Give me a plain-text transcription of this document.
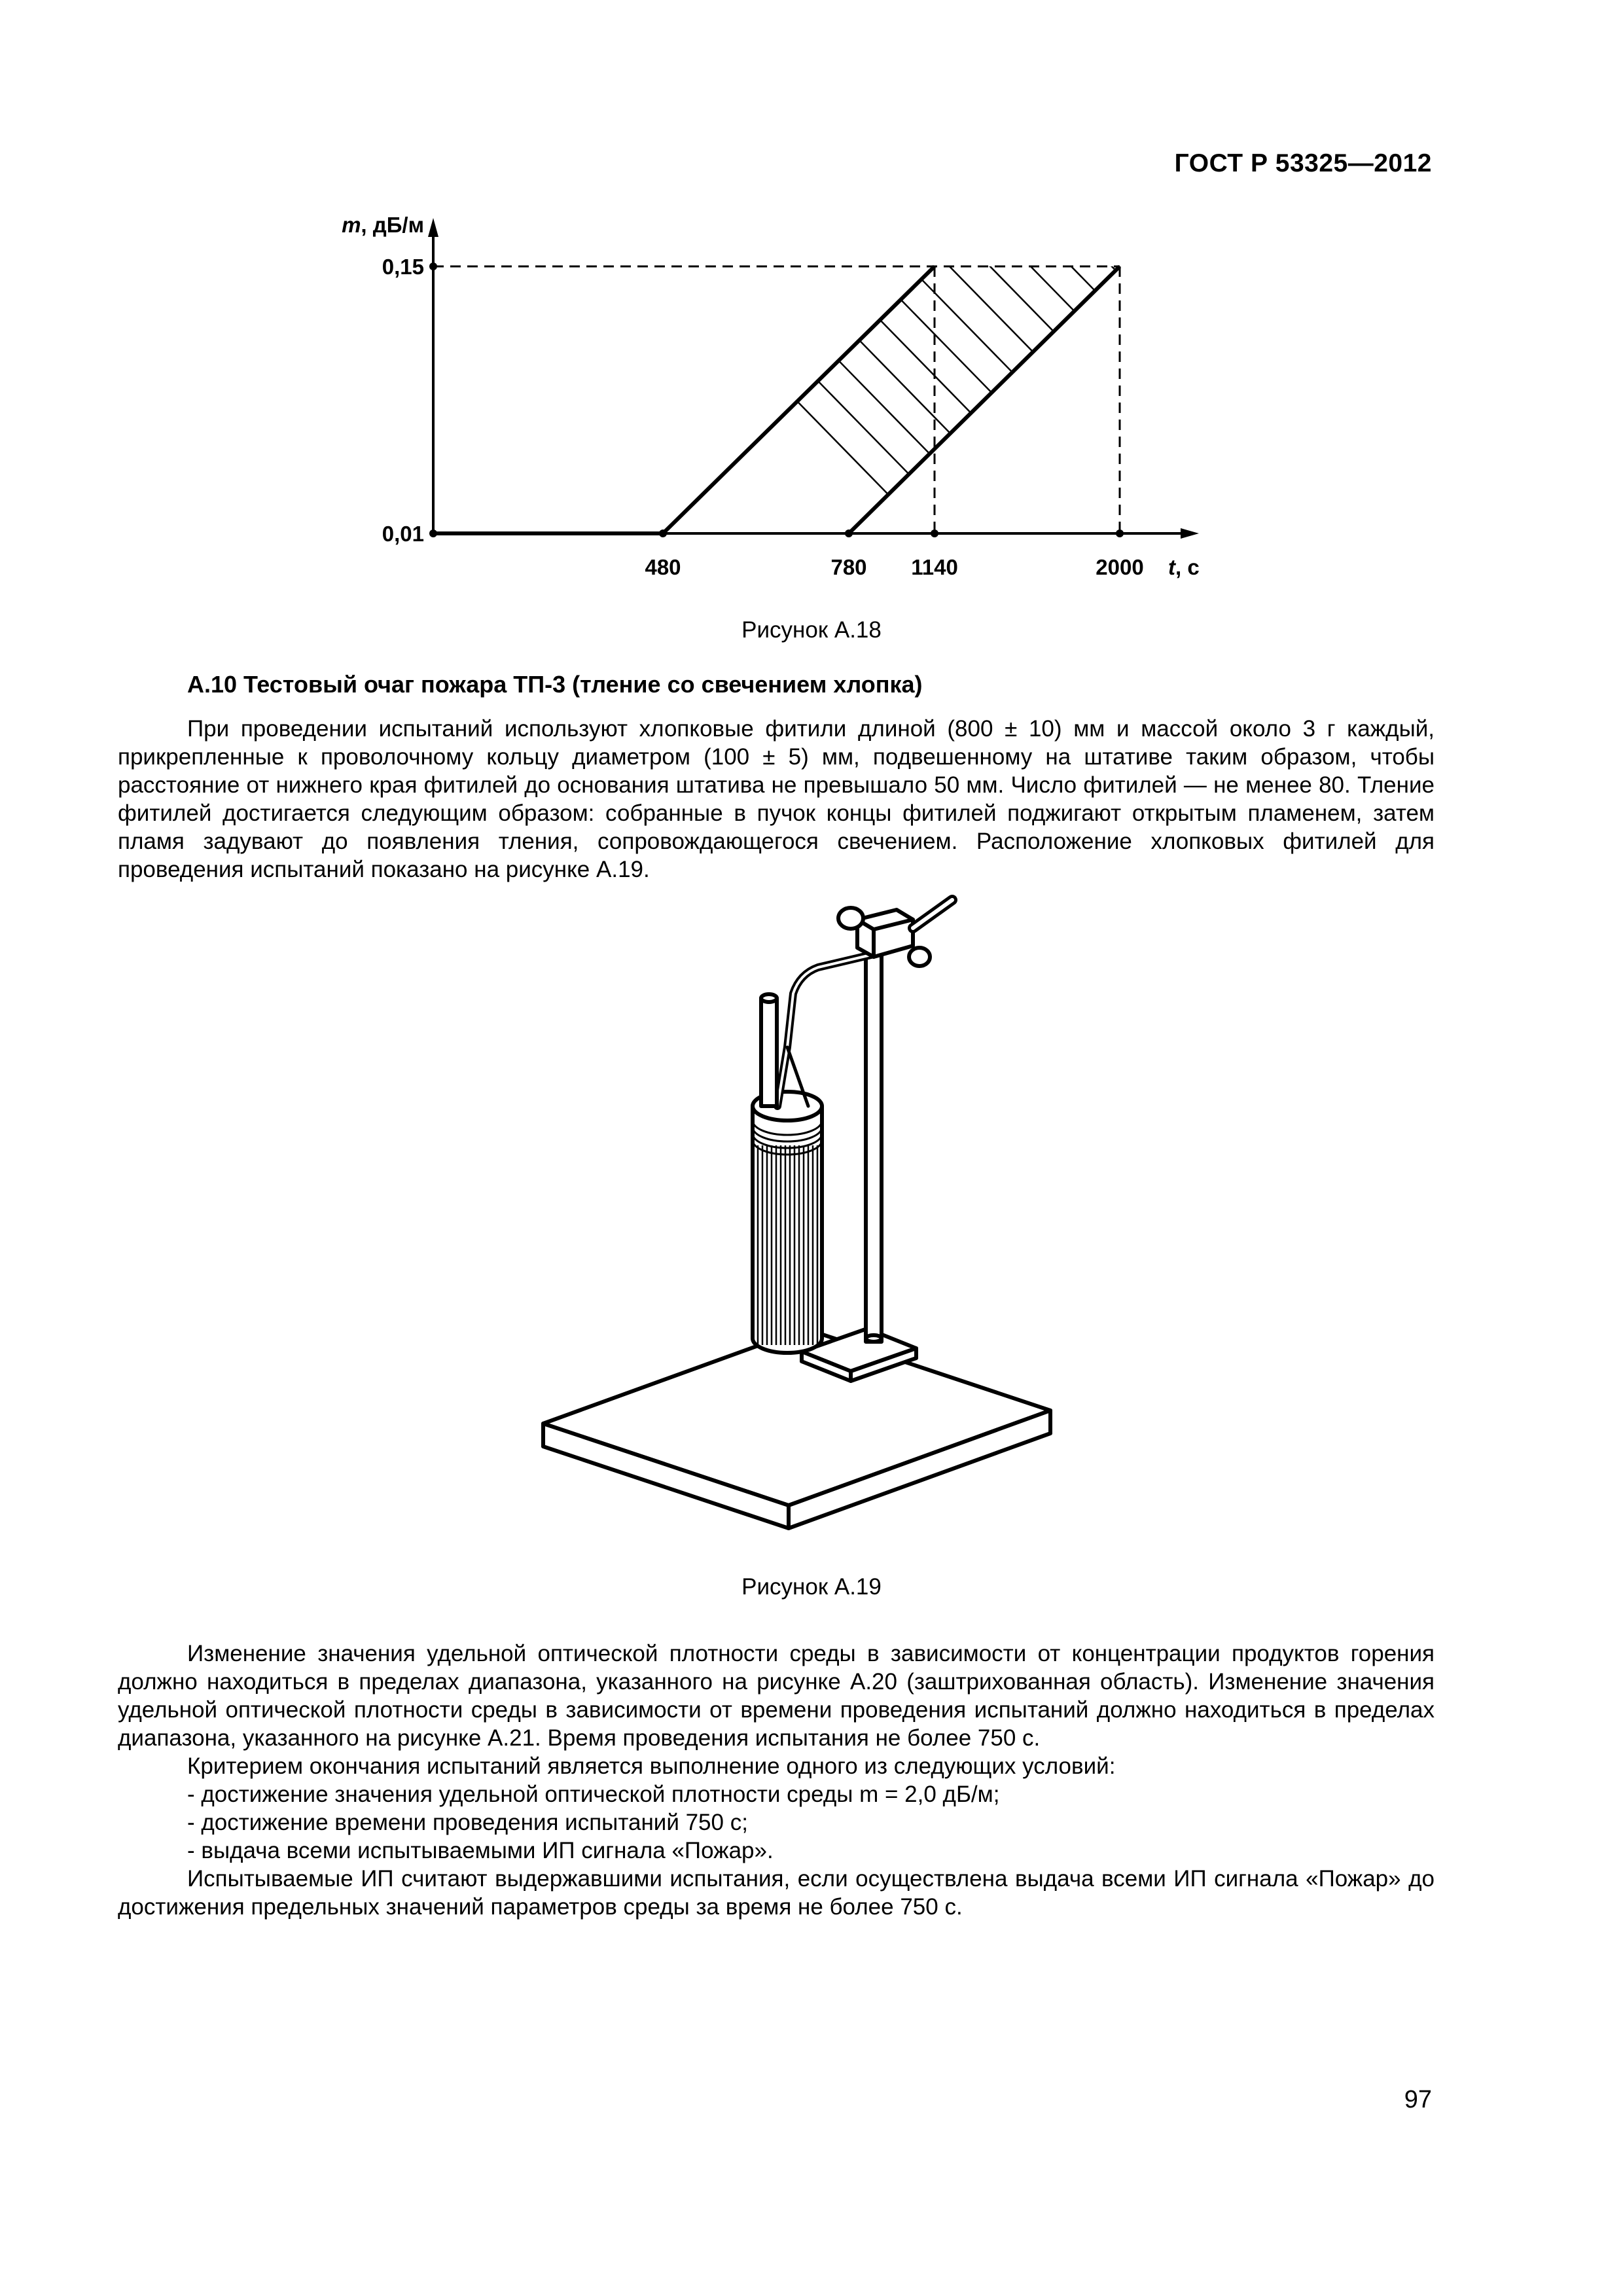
ГОСТ Р 53325—2012
m, дБ/м
0,15
0,01
480	780 1140	2000 t, с
Рисунок А.18
А.10 Тестовый очаг пожара ТП-3 (тление со свечением хлопка)

При проведении испытаний используют хлопковые фитили длиной (800 ± 10) мм и массой около 3 г каждый, прикрепленные к проволочному кольцу диаметром (100 ± 5) мм, подвешенному на штативе таким образом, чтобы расстояние от нижнего края фитилей до основания штатива не превышало 50 мм. Число фитилей — не менее 80. Тление фитилей достигается следующим образом: собранные в пучок концы фитилей поджигают открытым пламенем, затем пламя задувают до появления тления, сопровождающегося свечением. Расположение хлопковых фитилей для проведения испытаний показано на рисунке А.19.

Рисунок А.19

Изменение значения удельной оптической плотности среды в зависимости от концентрации продуктов горения должно находиться в пределах диапазона, указанного на рисунке А.20 (заштрихованная область). Изменение значения удельной оптической плотности среды в зависимости от времени проведения испытаний должно находиться в пределах диапазона, указанного на рисунке А.21. Время проведения испытания не более 750 с.

Критерием окончания испытаний является выполнение одного из следующих условий:

- достижение значения удельной оптической плотности среды m = 2,0 дБ/м;
- достижение времени проведения испытаний 750 с;
- выдача всеми испытываемыми ИП сигнала «Пожар».

Испытываемые ИП считают выдержавшими испытания, если осуществлена выдача всеми ИП сигнала «Пожар» до достижения предельных значений параметров среды за время не более 750 с.

97
